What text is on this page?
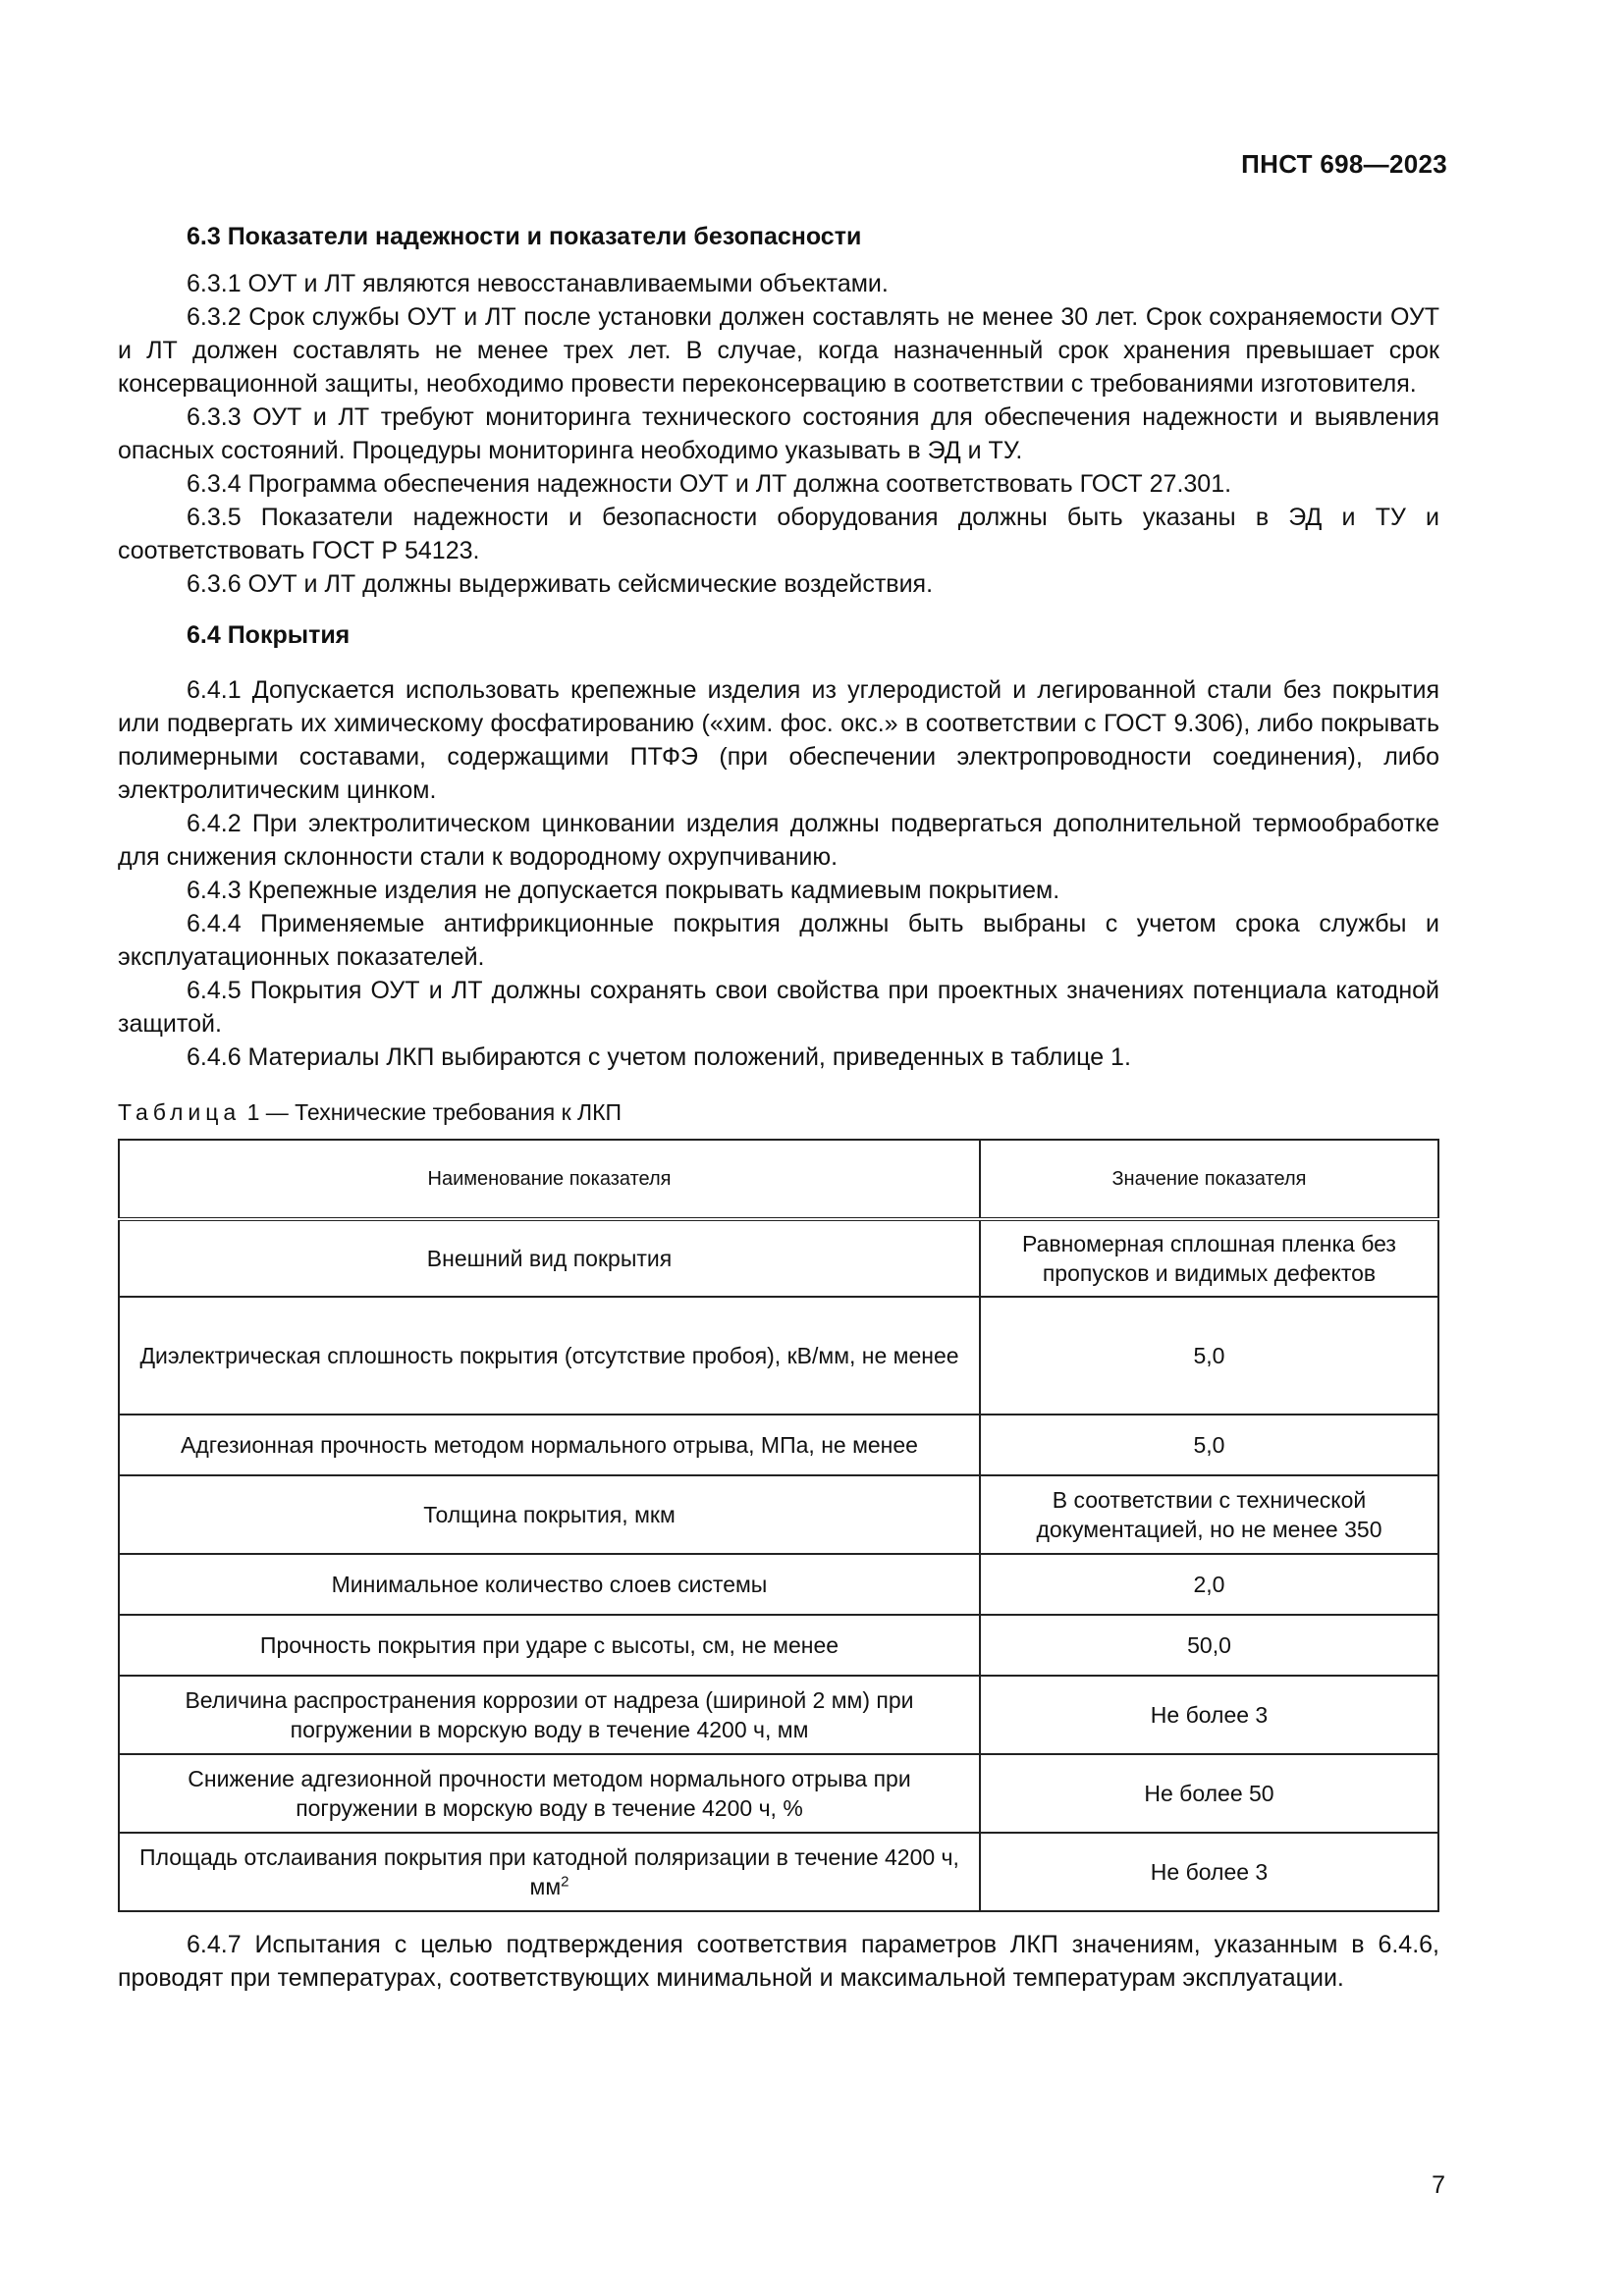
ПНСТ 698—2023
6.3 Показатели надежности и показатели безопасности

6.3.1 ОУТ и ЛТ являются невосстанавливаемыми объектами.

6.3.2 Срок службы ОУТ и ЛТ после установки должен составлять не менее 30 лет. Срок сохраняемости ОУТ и ЛТ должен составлять не менее трех лет. В случае, когда назначенный срок хранения превышает срок консервационной защиты, необходимо провести переконсервацию в соответствии с требованиями изготовителя.

6.3.3 ОУТ и ЛТ требуют мониторинга технического состояния для обеспечения надежности и выявления опасных состояний. Процедуры мониторинга необходимо указывать в ЭД и ТУ.

6.3.4 Программа обеспечения надежности ОУТ и ЛТ должна соответствовать ГОСТ 27.301.

6.3.5 Показатели надежности и безопасности оборудования должны быть указаны в ЭД и ТУ и соответствовать ГОСТ Р 54123.

6.3.6 ОУТ и ЛТ должны выдерживать сейсмические воздействия.

6.4 Покрытия

6.4.1 Допускается использовать крепежные изделия из углеродистой и легированной стали без покрытия или подвергать их химическому фосфатированию («хим. фос. окс.» в соответствии с ГОСТ 9.306), либо покрывать полимерными составами, содержащими ПТФЭ (при обеспечении электропроводности соединения), либо электролитическим цинком.

6.4.2 При электролитическом цинковании изделия должны подвергаться дополнительной термообработке для снижения склонности стали к водородному охрупчиванию.

6.4.3 Крепежные изделия не допускается покрывать кадмиевым покрытием.

6.4.4 Применяемые антифрикционные покрытия должны быть выбраны с учетом срока службы и эксплуатационных показателей.

6.4.5 Покрытия ОУТ и ЛТ должны сохранять свои свойства при проектных значениях потенциала катодной защитой.

6.4.6 Материалы ЛКП выбираются с учетом положений, приведенных в таблице 1.

Таблица 1 — Технические требования к ЛКП
Наименование показателя	Значение показателя
Внешний вид покрытия	Равномерная сплошная пленка без пропусков и видимых дефектов
Диэлектрическая сплошность покрытия (отсутствие пробоя), кВ/мм, не менее	5,0
Адгезионная прочность методом нормального отрыва, МПа, не менее	5,0
Толщина покрытия, мкм	В соответствии с технической документацией, но не менее 350
Минимальное количество слоев системы	2,0
Прочность покрытия при ударе с высоты, см, не менее	50,0
Величина распространения коррозии от надреза (шириной 2 мм) при погружении в морскую воду в течение 4200 ч, мм	Не более 3
Снижение адгезионной прочности методом нормального отрыва при погружении в морскую воду в течение 4200 ч, %	Не более 50
Площадь отслаивания покрытия при катодной поляризации в течение 4200 ч, $мм^2$	Не более 3

6.4.7 Испытания с целью подтверждения соответствия параметров ЛКП значениям, указанным в 6.4.6, проводят при температурах, соответствующих минимальной и максимальной температурам эксплуатации.

7
